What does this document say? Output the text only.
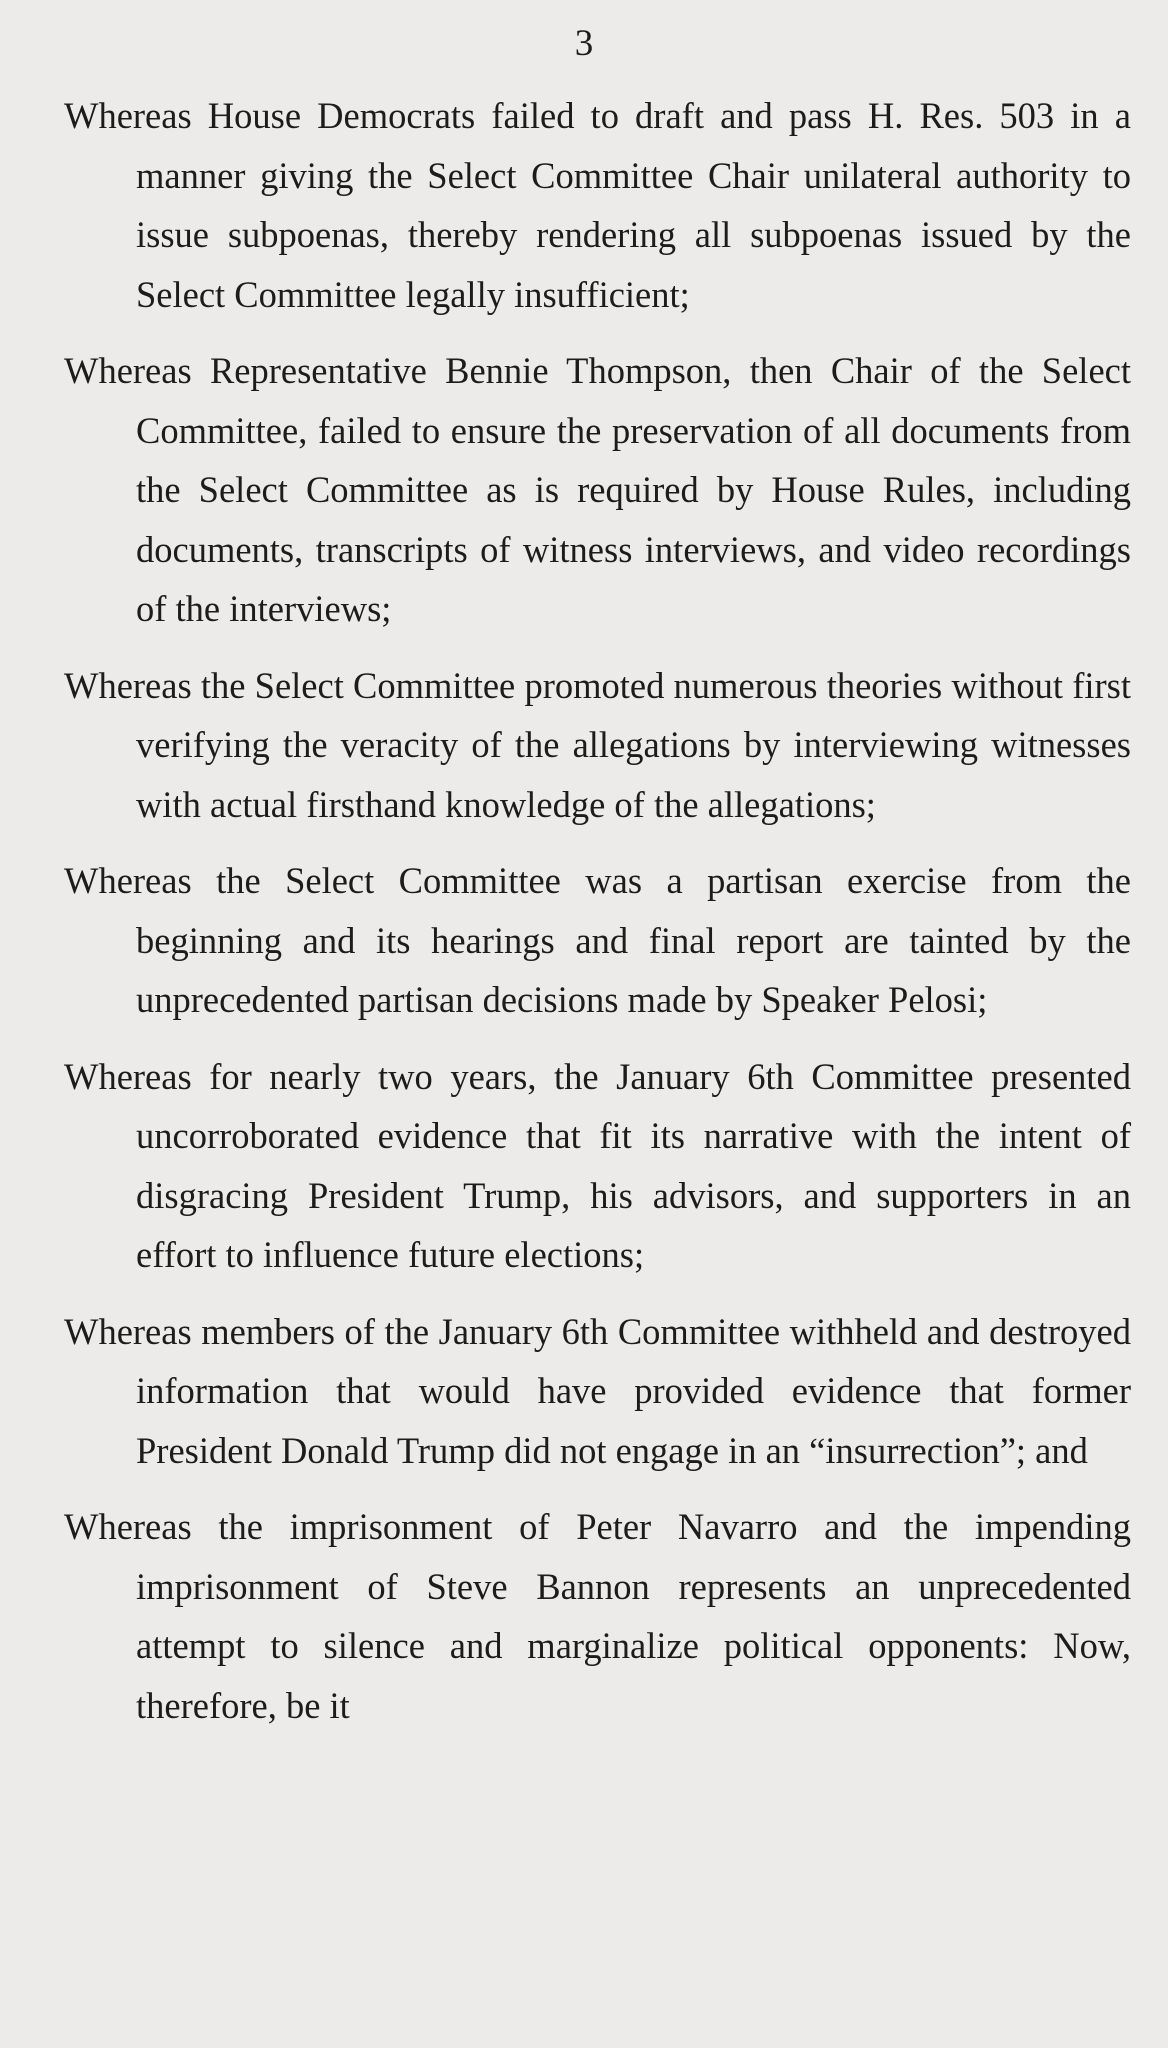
3

Whereas House Democrats failed to draft and pass H. Res. 503 in a manner giving the Select Committee Chair unilateral authority to issue subpoenas, thereby rendering all subpoenas issued by the Select Committee legally insufficient;

Whereas Representative Bennie Thompson, then Chair of the Select Committee, failed to ensure the preservation of all documents from the Select Committee as is required by House Rules, including documents, transcripts of witness interviews, and video recordings of the interviews;

Whereas the Select Committee promoted numerous theories without first verifying the veracity of the allegations by interviewing witnesses with actual firsthand knowledge of the allegations;

Whereas the Select Committee was a partisan exercise from the beginning and its hearings and final report are tainted by the unprecedented partisan decisions made by Speaker Pelosi;

Whereas for nearly two years, the January 6th Committee presented uncorroborated evidence that fit its narrative with the intent of disgracing President Trump, his advisors, and supporters in an effort to influence future elections;

Whereas members of the January 6th Committee withheld and destroyed information that would have provided evidence that former President Donald Trump did not engage in an “insurrection”; and

Whereas the imprisonment of Peter Navarro and the impending imprisonment of Steve Bannon represents an unprecedented attempt to silence and marginalize political opponents: Now, therefore, be it
